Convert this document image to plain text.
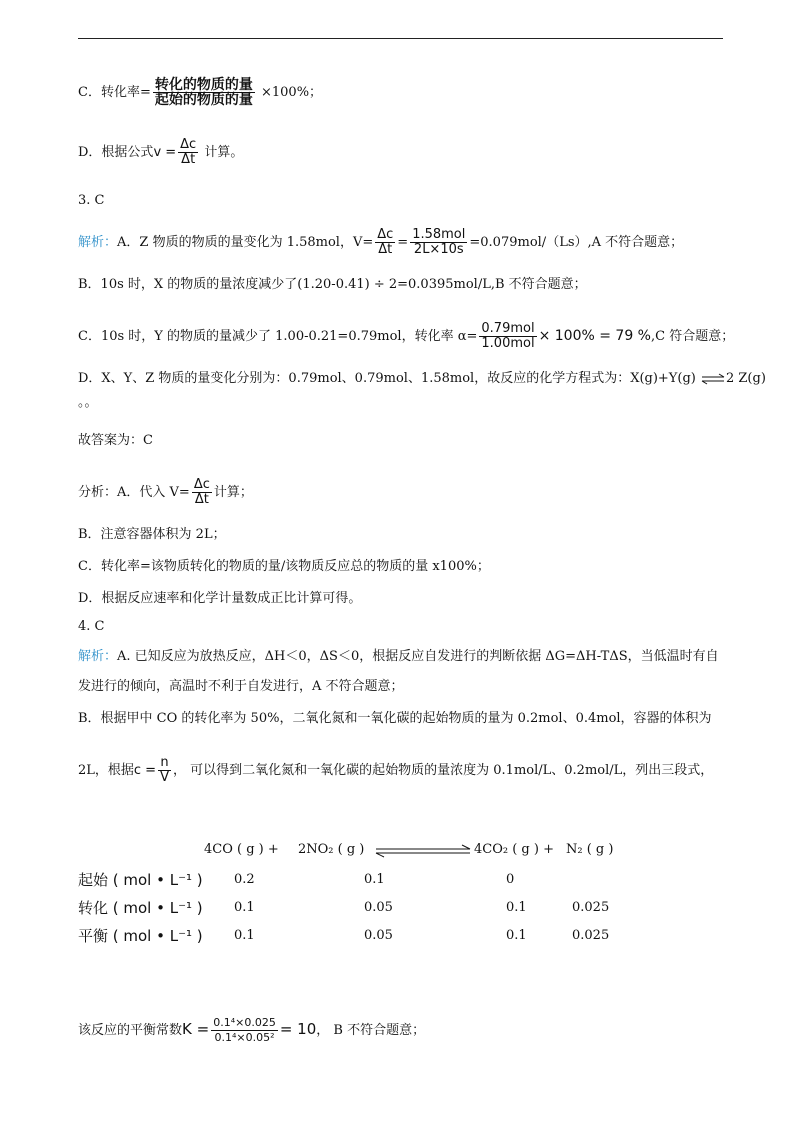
C．转化率= $\frac{\text{转化的物质的量}}{\text{起始的物质的量}} \times 100\%$；
D．根据公式$v = \frac{\Delta c}{\Delta t}$ 计算。
3. C
解析：A．Z 物质的物质的量变化为 1.58mol，$V= \frac{\Delta c}{\Delta t} = \frac{\text{1.58mol}}{2L\times 10s} =0.079mol/(Ls),A$ 不符合题意；
B．10s 时，X 的物质的量浓度减少了(1.20-0.41) ÷ 2=0.0395mol/L,B 不符合题意；
C．10s 时，Y 的物质的量减少了 1.00-0.21=0.79mol，转化率 $\alpha= \frac{\text{0.79mol}}{\text{1.00mol}} \times 100\% = 79$ %,C 符合题意；
D．X、Y、Z 物质的量变化分别为：0.79mol、0.79mol、1.58mol，故反应的化学方程式为：X(g)+Y(g) ⇌2 Z(g)
。。
故答案为：C
分析：A．代入 $V= \frac{\Delta c}{\Delta t}$ 计算；
B．注意容器体积为 2L；
C．转化率=该物质转化的物质的量/该物质反应总的物质的量 x100%；
D．根据反应速率和化学计量数成正比计算可得。
4. C
解析：A. 已知反应为放热反应，ΔH＜0，ΔS＜0，根据反应自发进行的判断依据 ΔG=ΔH-TΔS，当低温时有自
发进行的倾向，高温时不利于自发进行，A 不符合题意；
B．根据甲中 CO 的转化率为 50%，二氧化氮和一氧化碳的起始物质的量为 0.2mol、0.4mol，容器的体积为
2L，根据$c = \frac{n}{V}$ ， 可以得到二氧化氮和一氧化碳的起始物质的量浓度为 0.1mol/L、0.2mol/L，列出三段式，
4CO ( g ) + 2NO₂ ( g )	4CO₂ ( g ) + N₂ ( g )
起始 ( mol • L⁻¹ ) 0.2	0.1	0
转化 ( mol • L⁻¹ ) 0.1	0.05	0.1	0.025
平衡 ( mol • L⁻¹ ) 0.1	0.05	0.1	0.025
该反应的平衡常数$K = \frac{\text{0.1⁴×0.025}}{\text{0.1⁴×0.05²}} = 10$， B 不符合题意；
